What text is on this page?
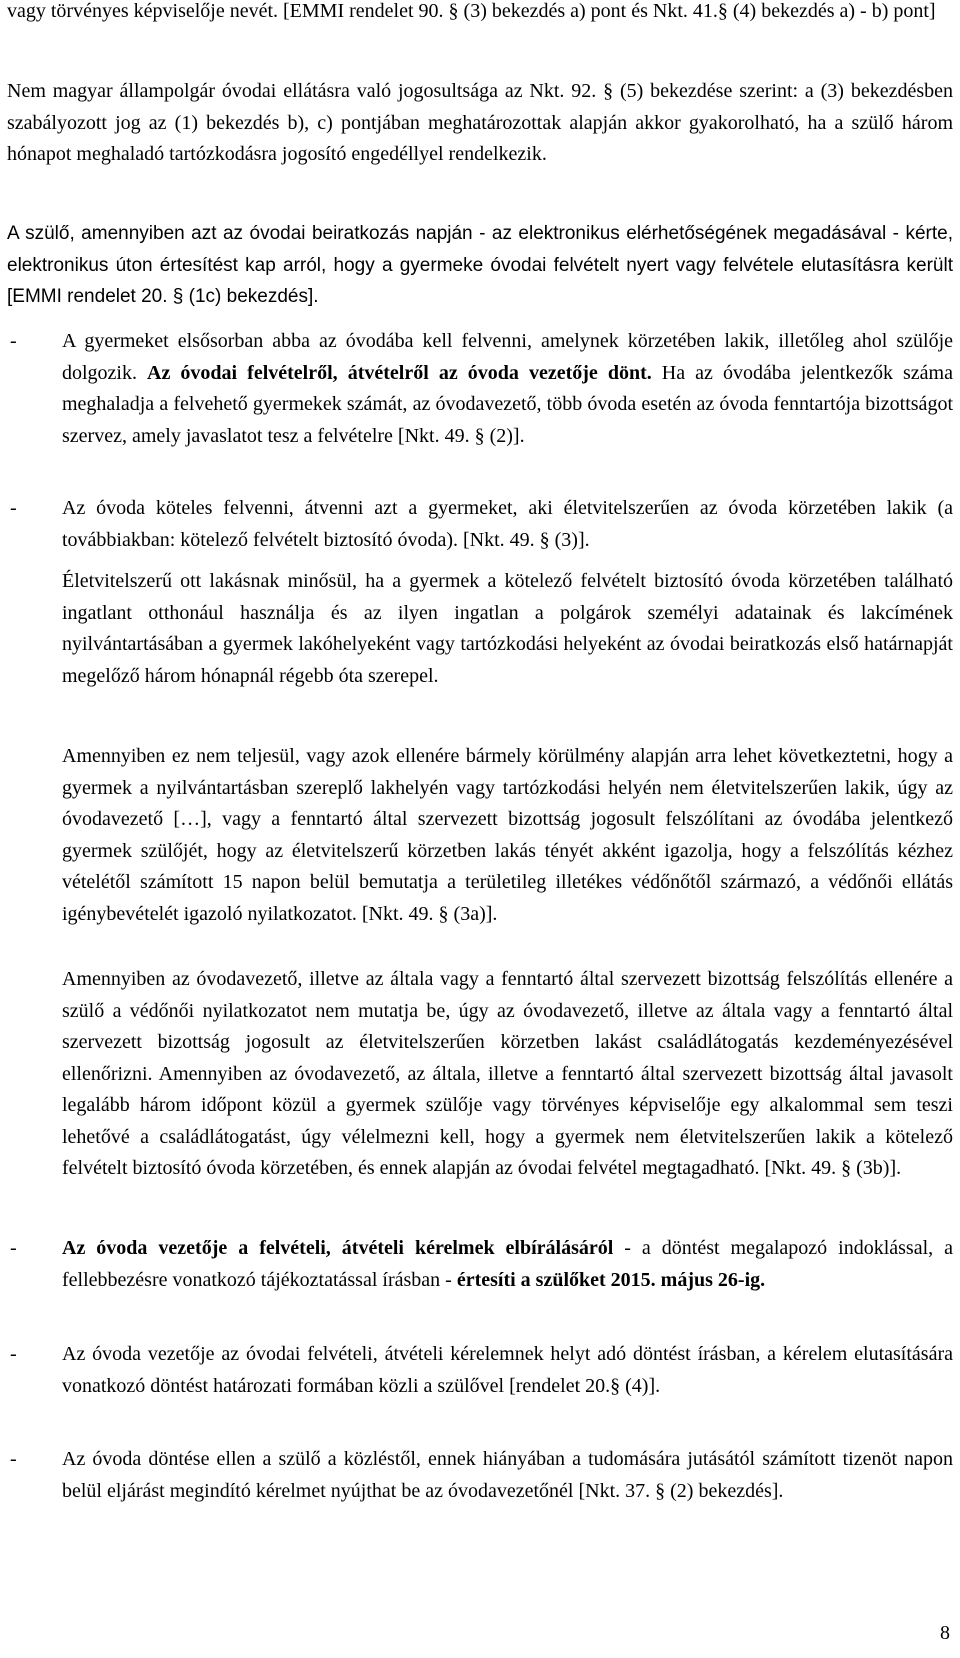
vagy törvényes képviselője nevét. [EMMI rendelet 90. § (3) bekezdés a) pont és Nkt. 41.§ (4) bekezdés a) - b) pont]

Nem magyar állampolgár óvodai ellátásra való jogosultsága az Nkt. 92. § (5) bekezdése szerint: a (3) bekezdésben szabályozott jog az (1) bekezdés b), c) pontjában meghatározottak alapján akkor gyakorolható, ha a szülő három hónapot meghaladó tartózkodásra jogosító engedéllyel rendelkezik.

A szülő, amennyiben azt az óvodai beiratkozás napján - az elektronikus elérhetőségének megadásával - kérte, elektronikus úton értesítést kap arról, hogy a gyermeke óvodai felvételt nyert vagy felvétele elutasításra került [EMMI rendelet 20. § (1c) bekezdés].

- A gyermeket elsősorban abba az óvodába kell felvenni, amelynek körzetében lakik, illetőleg ahol szülője dolgozik. Az óvodai felvételről, átvételről az óvoda vezetője dönt. Ha az óvodába jelentkezők száma meghaladja a felvehető gyermekek számát, az óvodavezető, több óvoda esetén az óvoda fenntartója bizottságot szervez, amely javaslatot tesz a felvételre [Nkt. 49. § (2)].

- Az óvoda köteles felvenni, átvenni azt a gyermeket, aki életvitelszerűen az óvoda körzetében lakik (a továbbiakban: kötelező felvételt biztosító óvoda). [Nkt. 49. § (3)].

Életvitelszerű ott lakásnak minősül, ha a gyermek a kötelező felvételt biztosító óvoda körzetében található ingatlant otthonául használja és az ilyen ingatlan a polgárok személyi adatainak és lakcímének nyilvántartásában a gyermek lakóhelyeként vagy tartózkodási helyeként az óvodai beiratkozás első határnapját megelőző három hónapnál régebb óta szerepel.

Amennyiben ez nem teljesül, vagy azok ellenére bármely körülmény alapján arra lehet következtetni, hogy a gyermek a nyilvántartásban szereplő lakhelyén vagy tartózkodási helyén nem életvitelszerűen lakik, úgy az óvodavezető […], vagy a fenntartó által szervezett bizottság jogosult felszólítani az óvodába jelentkező gyermek szülőjét, hogy az életvitelszerű körzetben lakás tényét akként igazolja, hogy a felszólítás kézhez vételétől számított 15 napon belül bemutatja a területileg illetékes védőnőtől származó, a védőnői ellátás igénybevételét igazoló nyilatkozatot. [Nkt. 49. § (3a)].

Amennyiben az óvodavezető, illetve az általa vagy a fenntartó által szervezett bizottság felszólítás ellenére a szülő a védőnői nyilatkozatot nem mutatja be, úgy az óvodavezető, illetve az általa vagy a fenntartó által szervezett bizottság jogosult az életvitelszerűen körzetben lakást családlátogatás kezdeményezésével ellenőrizni. Amennyiben az óvodavezető, az általa, illetve a fenntartó által szervezett bizottság által javasolt legalább három időpont közül a gyermek szülője vagy törvényes képviselője egy alkalommal sem teszi lehetővé a családlátogatást, úgy vélelmezni kell, hogy a gyermek nem életvitelszerűen lakik a kötelező felvételt biztosító óvoda körzetében, és ennek alapján az óvodai felvétel megtagadható. [Nkt. 49. § (3b)].

- Az óvoda vezetője a felvételi, átvételi kérelmek elbírálásáról - a döntést megalapozó indoklással, a fellebbezésre vonatkozó tájékoztatással írásban - értesíti a szülőket 2015. május 26-ig.

- Az óvoda vezetője az óvodai felvételi, átvételi kérelemnek helyt adó döntést írásban, a kérelem elutasítására vonatkozó döntést határozati formában közli a szülővel [rendelet 20.§ (4)].

- Az óvoda döntése ellen a szülő a közléstől, ennek hiányában a tudomására jutásától számított tizenöt napon belül eljárást megindító kérelmet nyújthat be az óvodavezetőnél [Nkt. 37. § (2) bekezdés].

8
